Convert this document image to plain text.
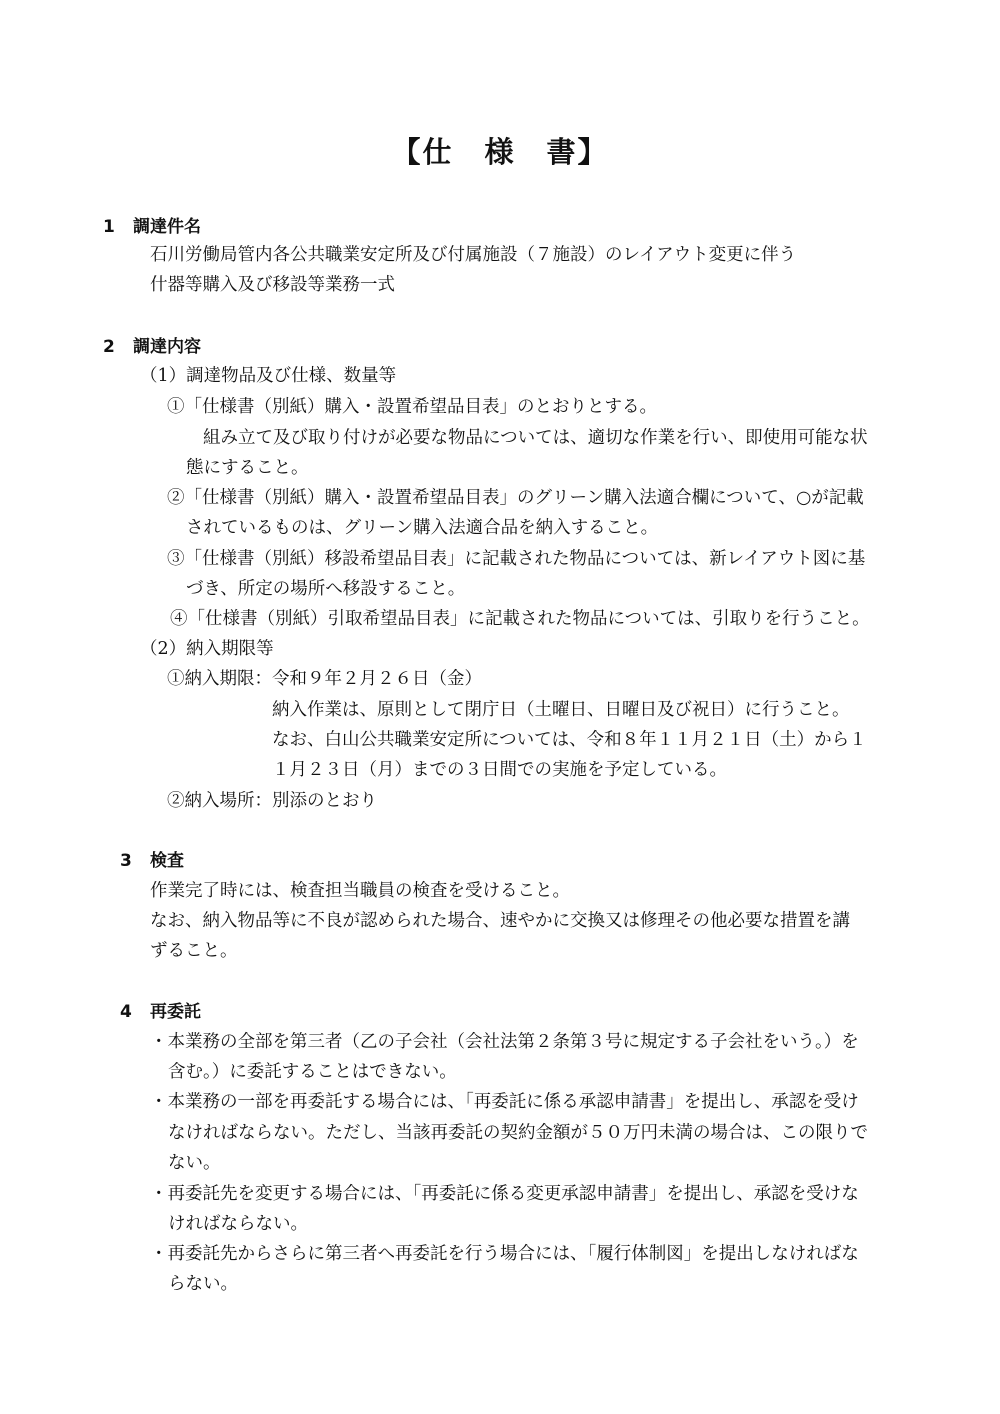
【仕　様　書】
1 調達件名
石川労働局管内各公共職業安定所及び付属施設（７施設）のレイアウト変更に伴う
什器等購入及び移設等業務一式
2 調達内容
（1）調達物品及び仕様、数量等
①「仕様書（別紙）購入・設置希望品目表」のとおりとする。
組み立て及び取り付けが必要な物品については、適切な作業を行い、即使用可能な状
態にすること。
②「仕様書（別紙）購入・設置希望品目表」のグリーン購入法適合欄について、○が記載
されているものは、グリーン購入法適合品を納入すること。
③「仕様書（別紙）移設希望品目表」に記載された物品については、新レイアウト図に基
づき、所定の場所へ移設すること。
④「仕様書（別紙）引取希望品目表」に記載された物品については、引取りを行うこと。
（2）納入期限等
①納入期限：令和９年２月２６日（金）
納入作業は、原則として閉庁日（土曜日、日曜日及び祝日）に行うこと。
なお、白山公共職業安定所については、令和８年１１月２１日（土）から１
１月２３日（月）までの３日間での実施を予定している。
②納入場所：別添のとおり
3 検査
作業完了時には、検査担当職員の検査を受けること。
なお、納入物品等に不良が認められた場合、速やかに交換又は修理その他必要な措置を講
ずること。
4 再委託
・本業務の全部を第三者（乙の子会社（会社法第２条第３号に規定する子会社をいう。）を
含む。）に委託することはできない。
・本業務の一部を再委託する場合には、「再委託に係る承認申請書」を提出し、承認を受け
なければならない。ただし、当該再委託の契約金額が５０万円未満の場合は、この限りで
ない。
・再委託先を変更する場合には、「再委託に係る変更承認申請書」を提出し、承認を受けな
ければならない。
・再委託先からさらに第三者へ再委託を行う場合には、「履行体制図」を提出しなければな
らない。
